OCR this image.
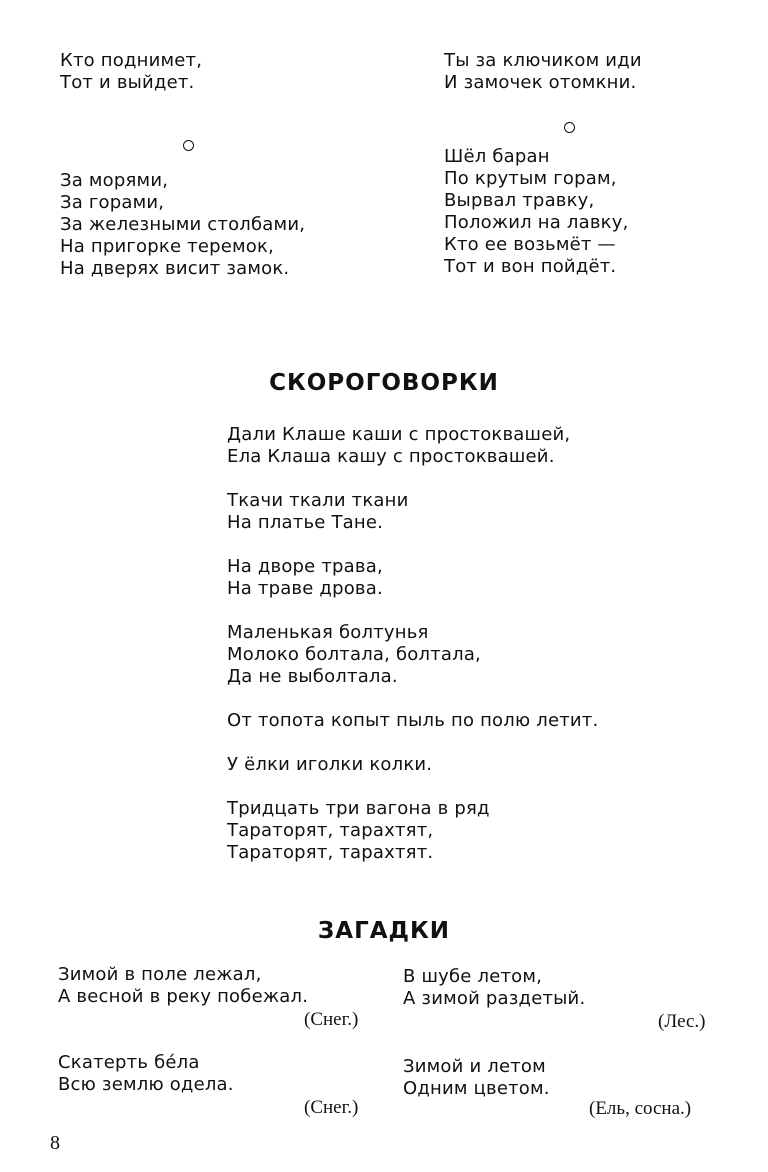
Кто поднимет,
Тот и выйдет.
За морями,
За горами,
За железными столбами,
На пригорке теремок,
На дверях висит замок.
Ты за ключиком иди
И замочек отомкни.
Шёл баран
По крутым горам,
Вырвал травку,
Положил на лавку,
Кто ее возьмёт —
Тот и вон пойдёт.
СКОРОГОВОРКИ
Дали Клаше каши с простоквашей,
Ела Клаша кашу с простоквашей.
Ткачи ткали ткани
На платье Тане.
На дворе трава,
На траве дрова.
Маленькая болтунья
Молоко болтала, болтала,
Да не выболтала.
От топота копыт пыль по полю летит.
У ёлки иголки колки.
Тридцать три вагона в ряд
Тараторят, тарахтят,
Тараторят, тарахтят.
ЗАГАДКИ
Зимой в поле лежал,
А весной в реку побежал.
(Снег.)
В шубе летом,
А зимой раздетый.
(Лес.)
Скатерть бéла
Всю землю одела.
(Снег.)
Зимой и летом
Одним цветом.
(Ель, сосна.)
8
